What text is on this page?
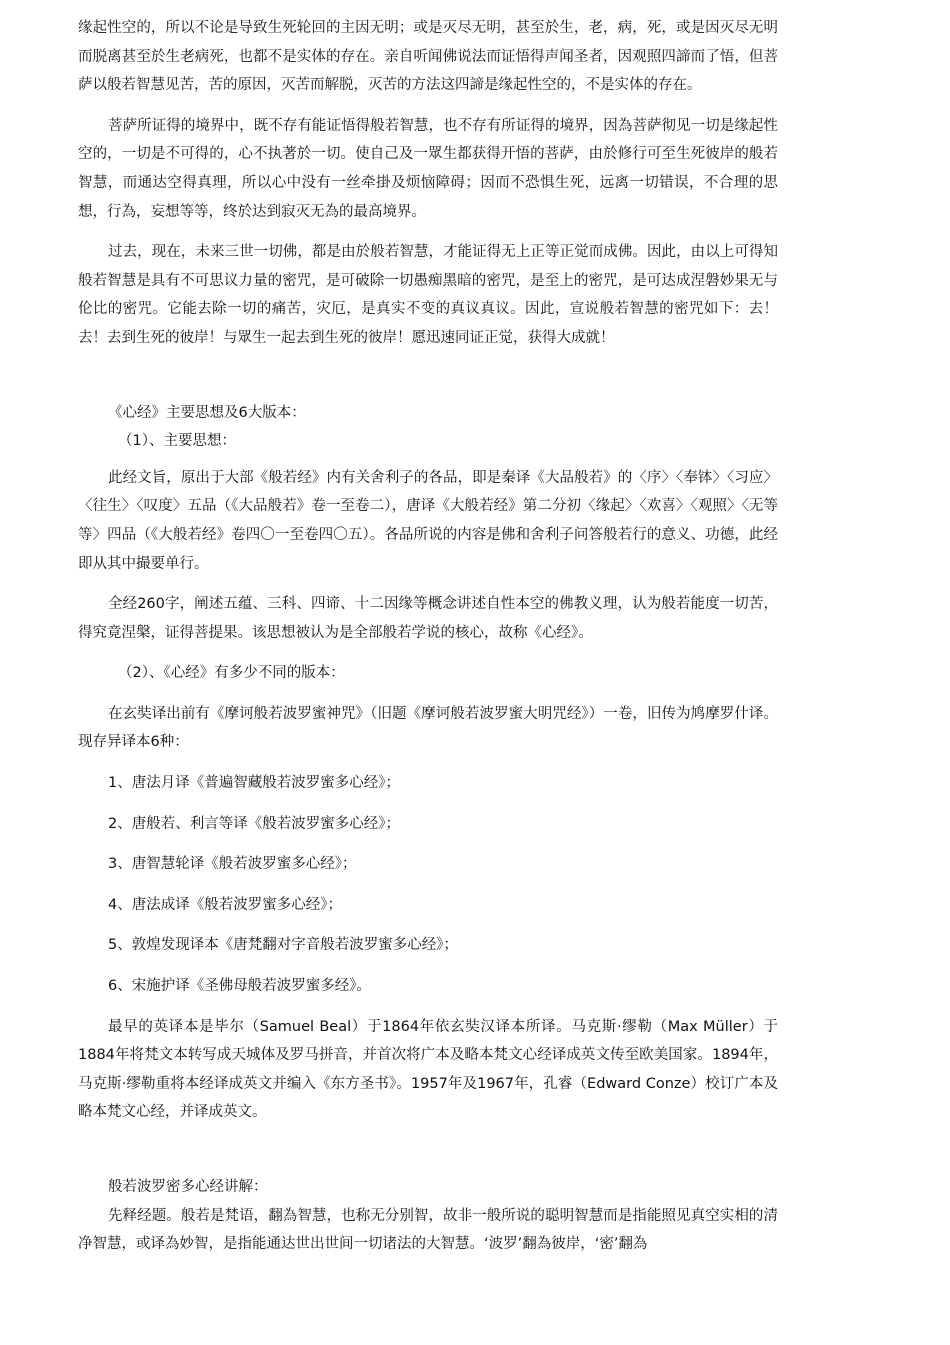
缘起性空的，所以不论是导致生死轮回的主因无明；或是灭尽无明，甚至於生，老，病，死，或是因灭尽无明而脱离甚至於生老病死，也都不是实体的存在。亲自听闻佛说法而证悟得声闻圣者，因观照四諦而了悟，但菩萨以般若智慧见苦，苦的原因，灭苦而解脱，灭苦的方法这四諦是缘起性空的，不是实体的存在。

菩萨所证得的境界中，既不存有能证悟得般若智慧，也不存有所证得的境界，因為菩萨彻见一切是缘起性空的，一切是不可得的，心不执著於一切。使自己及一眾生都获得开悟的菩萨，由於修行可至生死彼岸的般若智慧，而通达空得真理，所以心中没有一丝牵掛及烦恼障碍；因而不恐惧生死，远离一切错误，不合理的思想，行為，妄想等等，终於达到寂灭无為的最高境界。

过去，现在，未来三世一切佛，都是由於般若智慧，才能证得无上正等正觉而成佛。因此，由以上可得知般若智慧是具有不可思议力量的密咒，是可破除一切愚痴黑暗的密咒，是至上的密咒，是可达成涅磐妙果无与伦比的密咒。它能去除一切的痛苦，灾厄，是真实不变的真议真议。因此，宣说般若智慧的密咒如下：去！去！去到生死的彼岸！与眾生一起去到生死的彼岸！愿迅速同证正觉，获得大成就！

《心经》主要思想及6大版本：

（1）、主要思想：

此经文旨，原出于大部《般若经》内有关舍利子的各品，即是秦译《大品般若》的〈序〉〈奉钵〉〈习应〉〈往生〉〈叹度〉五品（《大品般若》卷一至卷二），唐译《大般若经》第二分初〈缘起〉〈欢喜〉〈观照〉〈无等等〉四品（《大般若经》卷四〇一至卷四〇五）。各品所说的内容是佛和舍利子问答般若行的意义、功德，此经即从其中撮要单行。

全经260字，阐述五蕴、三科、四谛、十二因缘等概念讲述自性本空的佛教义理，认为般若能度一切苦，得究竟涅槃，证得菩提果。该思想被认为是全部般若学说的核心，故称《心经》。

（2）、《心经》有多少不同的版本：

在玄奘译出前有《摩诃般若波罗蜜神咒》（旧题《摩诃般若波罗蜜大明咒经》）一卷，旧传为鸠摩罗什译。现存异译本6种：

1、唐法月译《普遍智藏般若波罗蜜多心经》；

2、唐般若、利言等译《般若波罗蜜多心经》；

3、唐智慧轮译《般若波罗蜜多心经》；

4、唐法成译《般若波罗蜜多心经》；

5、敦煌发现译本《唐梵翻对字音般若波罗蜜多心经》；

6、宋施护译《圣佛母般若波罗蜜多经》。

最早的英译本是毕尔（Samuel Beal）于1864年依玄奘汉译本所译。马克斯·缪勒（Max Müller）于1884年将梵文本转写成天城体及罗马拼音，并首次将广本及略本梵文心经译成英文传至欧美国家。1894年，马克斯·缪勒重将本经译成英文并编入《东方圣书》。1957年及1967年，孔睿（Edward Conze）校订广本及略本梵文心经，并译成英文。

般若波罗密多心经讲解：

先释经题。般若是梵语，翻為智慧，也称无分别智，故非一般所说的聪明智慧而是指能照见真空实相的清净智慧，或译為妙智，是指能通达世出世间一切诸法的大智慧。‘波罗’翻為彼岸，‘密’翻為
